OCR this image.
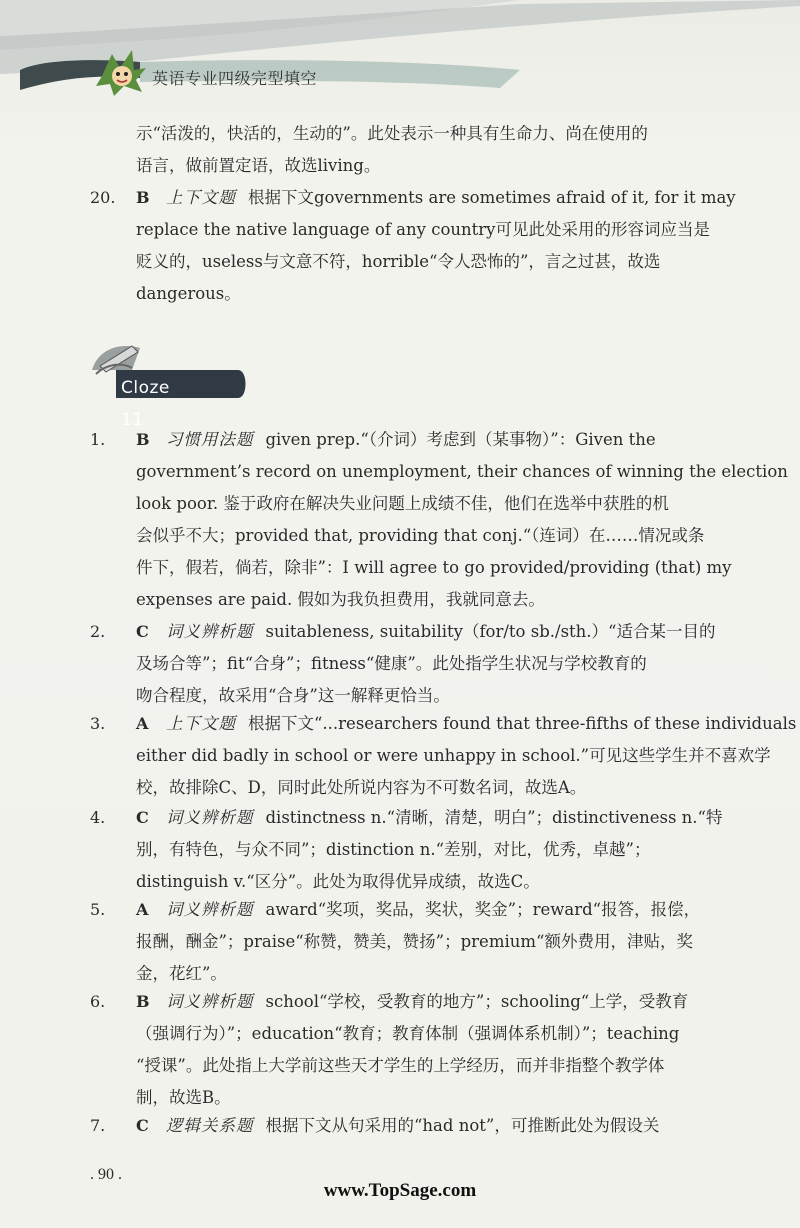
英语专业四级完型填空
示“活泼的，快活的，生动的”。此处表示一种具有生命力、尚在使用的
语言，做前置定语，故选living。
20.	B 上下文题 根据下文governments are sometimes afraid of it, for it may
replace the native language of any country可见此处采用的形容词应当是
贬义的，useless与文意不符，horrible“令人恐怖的”，言之过甚，故选
dangerous。
Cloze 11
1.	B 习惯用法题 given prep.“（介词）考虑到（某事物）”：Given the
government’s record on unemployment, their chances of winning the election
look poor. 鉴于政府在解决失业问题上成绩不佳，他们在选举中获胜的机
会似乎不大；provided that, providing that conj.“（连词）在……情况或条
件下，假若，倘若，除非”：I will agree to go provided/providing (that) my
expenses are paid. 假如为我负担费用，我就同意去。
2.	C 词义辨析题 suitableness, suitability（for/to sb./sth.）“适合某一目的
及场合等”；fit“合身”；fitness“健康”。此处指学生状况与学校教育的
吻合程度，故采用“合身”这一解释更恰当。
3.	A 上下文题 根据下文“...researchers found that three-fifths of these individuals
either did badly in school or were unhappy in school.”可见这些学生并不喜欢学
校，故排除C、D，同时此处所说内容为不可数名词，故选A。
4.	C 词义辨析题 distinctness n.“清晰，清楚，明白”；distinctiveness n.“特
别，有特色，与众不同”；distinction n.“差别，对比，优秀，卓越”；
distinguish v.“区分”。此处为取得优异成绩，故选C。
5.	A 词义辨析题 award“奖项，奖品，奖状，奖金”；reward“报答，报偿，
报酬，酬金”；praise“称赞，赞美，赞扬”；premium“额外费用，津贴，奖
金，花红”。
6.	B 词义辨析题 school“学校，受教育的地方”；schooling“上学，受教育
（强调行为）”；education“教育；教育体制（强调体系机制）”；teaching
“授课”。此处指上大学前这些天才学生的上学经历，而并非指整个教学体
制，故选B。
7.	C 逻辑关系题 根据下文从句采用的“had not”，可推断此处为假设关
. 90 .
www.TopSage.com
